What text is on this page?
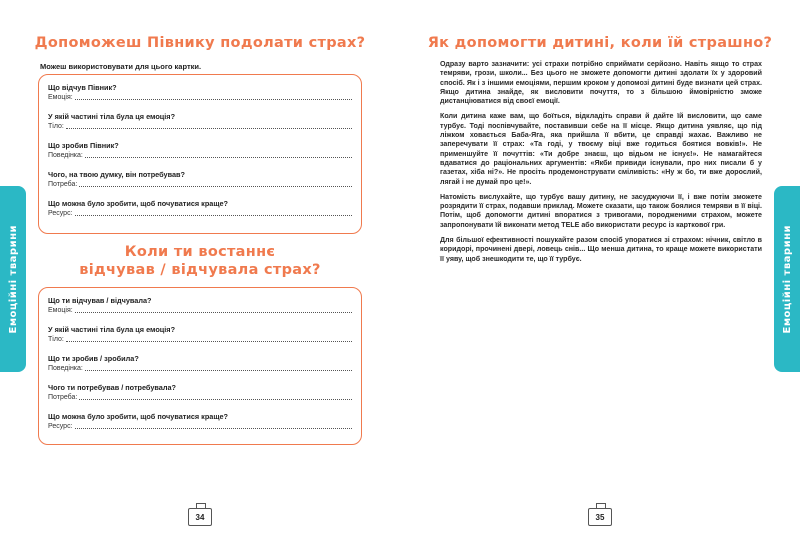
Емоційні тварини
Допоможеш Півнику подолати страх?
Можеш використовувати для цього картки.
Що відчув Півник?
Емоція:
У якій частині тіла була ця емоція?
Тіло:
Що зробив Півник?
Поведінка:
Чого, на твою думку, він потребував?
Потреба:
Що можна було зробити, щоб почуватися краще?
Ресурс:
Коли ти востаннє
відчував / відчувала страх?
Що ти відчував / відчувала?
Емоція:
У якій частині тіла була ця емоція?
Тіло:
Що ти зробив / зробила?
Поведінка:
Чого ти потребував / потребувала?
Потреба:
Що можна було зробити, щоб почуватися краще?
Ресурс:
34
Емоційні тварини
Як допомогти дитині, коли їй страшно?

Одразу варто зазначити: усі страхи потрібно сприймати серйозно. Навіть якщо то страх темряви, грози, школи... Без цього не зможете допомогти дитині здолати їх у здоровий спосіб. Як і з іншими емоціями, першим кроком у допомозі дитині буде визнати цей страх. Якщо дитина знайде, як висловити почуття, то з більшою ймовірністю зможе дистанціюватися від своєї емоції.

Коли дитина каже вам, що боїться, відкладіть справи й дайте їй висловити, що саме турбує. Тоді поспівчувайте, поставивши себе на її місце. Якщо дитина уявляє, що під ліжком ховається Баба-Яга, яка прийшла її вбити, це справді жахає. Важливо не заперечувати її страх: «Та годі, у твоєму віці вже годиться боятися вовків!». Не применшуйте її почуттів: «Ти добре знаєш, що відьом не існує!». Не намагайтеся вдаватися до раціональних аргументів: «Якби привиди існували, про них писали б у газетах, хіба ні?». Не просіть продемонструвати сміливість: «Ну ж бо, ти вже дорослий, лягай і не думай про це!».

Натомість вислухайте, що турбує вашу дитину, не засуджуючи її, і вже потім зможете розрядити її страх, подавши приклад. Можете сказати, що також боялися темряви в її віці. Потім, щоб допомогти дитині впоратися з тривогами, породженими страхом, можете запропонувати їй виконати метод TELE або використати ресурс із карткової гри.

Для більшої ефективності пошукайте разом спосіб упоратися зі страхом: нічник, світло в коридорі, прочинені двері, ловець снів... Що менша дитина, то краще можете використати її уяву, щоб знешкодити те, що її турбує.

35
